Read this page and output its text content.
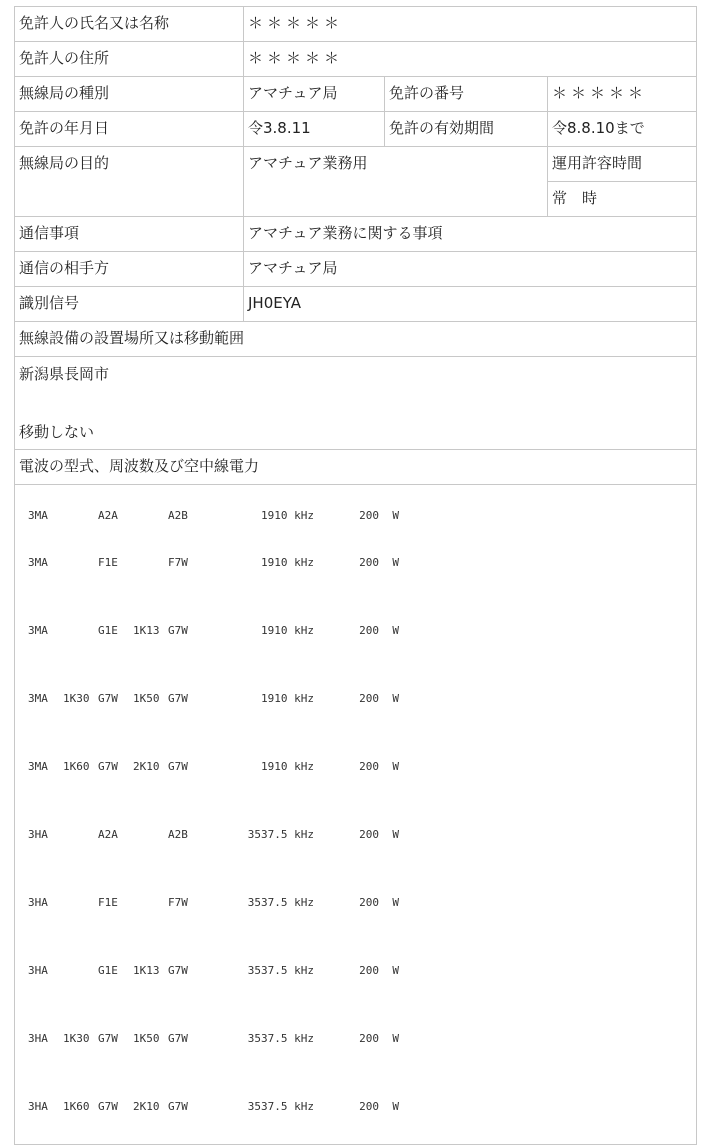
免許人の氏名又は名称	＊＊＊＊＊
免許人の住所	＊＊＊＊＊
無線局の種別	アマチュア局	免許の番号	＊＊＊＊＊
免許の年月日	令3.8.11	免許の有効期間	令8.8.10まで
無線局の目的	アマチュア業務用	運用許容時間
常　時
通信事項	アマチュア業務に関する事項
通信の相手方	アマチュア局
識別信号	JH0EYA
無線設備の設置場所又は移動範囲

新潟県長岡市
移動しない

電波の型式、周波数及び空中線電力

3MA		A2A		A2B	1910 kHz	200	W
3MA		F1E		F7W	1910 kHz	200	W
3MA		G1E	1K13	G7W	1910 kHz	200	W
3MA	1K30	G7W	1K50	G7W	1910 kHz	200	W
3MA	1K60	G7W	2K10	G7W	1910 kHz	200	W
3HA		A2A		A2B	3537.5 kHz	200	W
3HA		F1E		F7W	3537.5 kHz	200	W
3HA		G1E	1K13	G7W	3537.5 kHz	200	W
3HA	1K30	G7W	1K50	G7W	3537.5 kHz	200	W
3HA	1K60	G7W	2K10	G7W	3537.5 kHz	200	W
